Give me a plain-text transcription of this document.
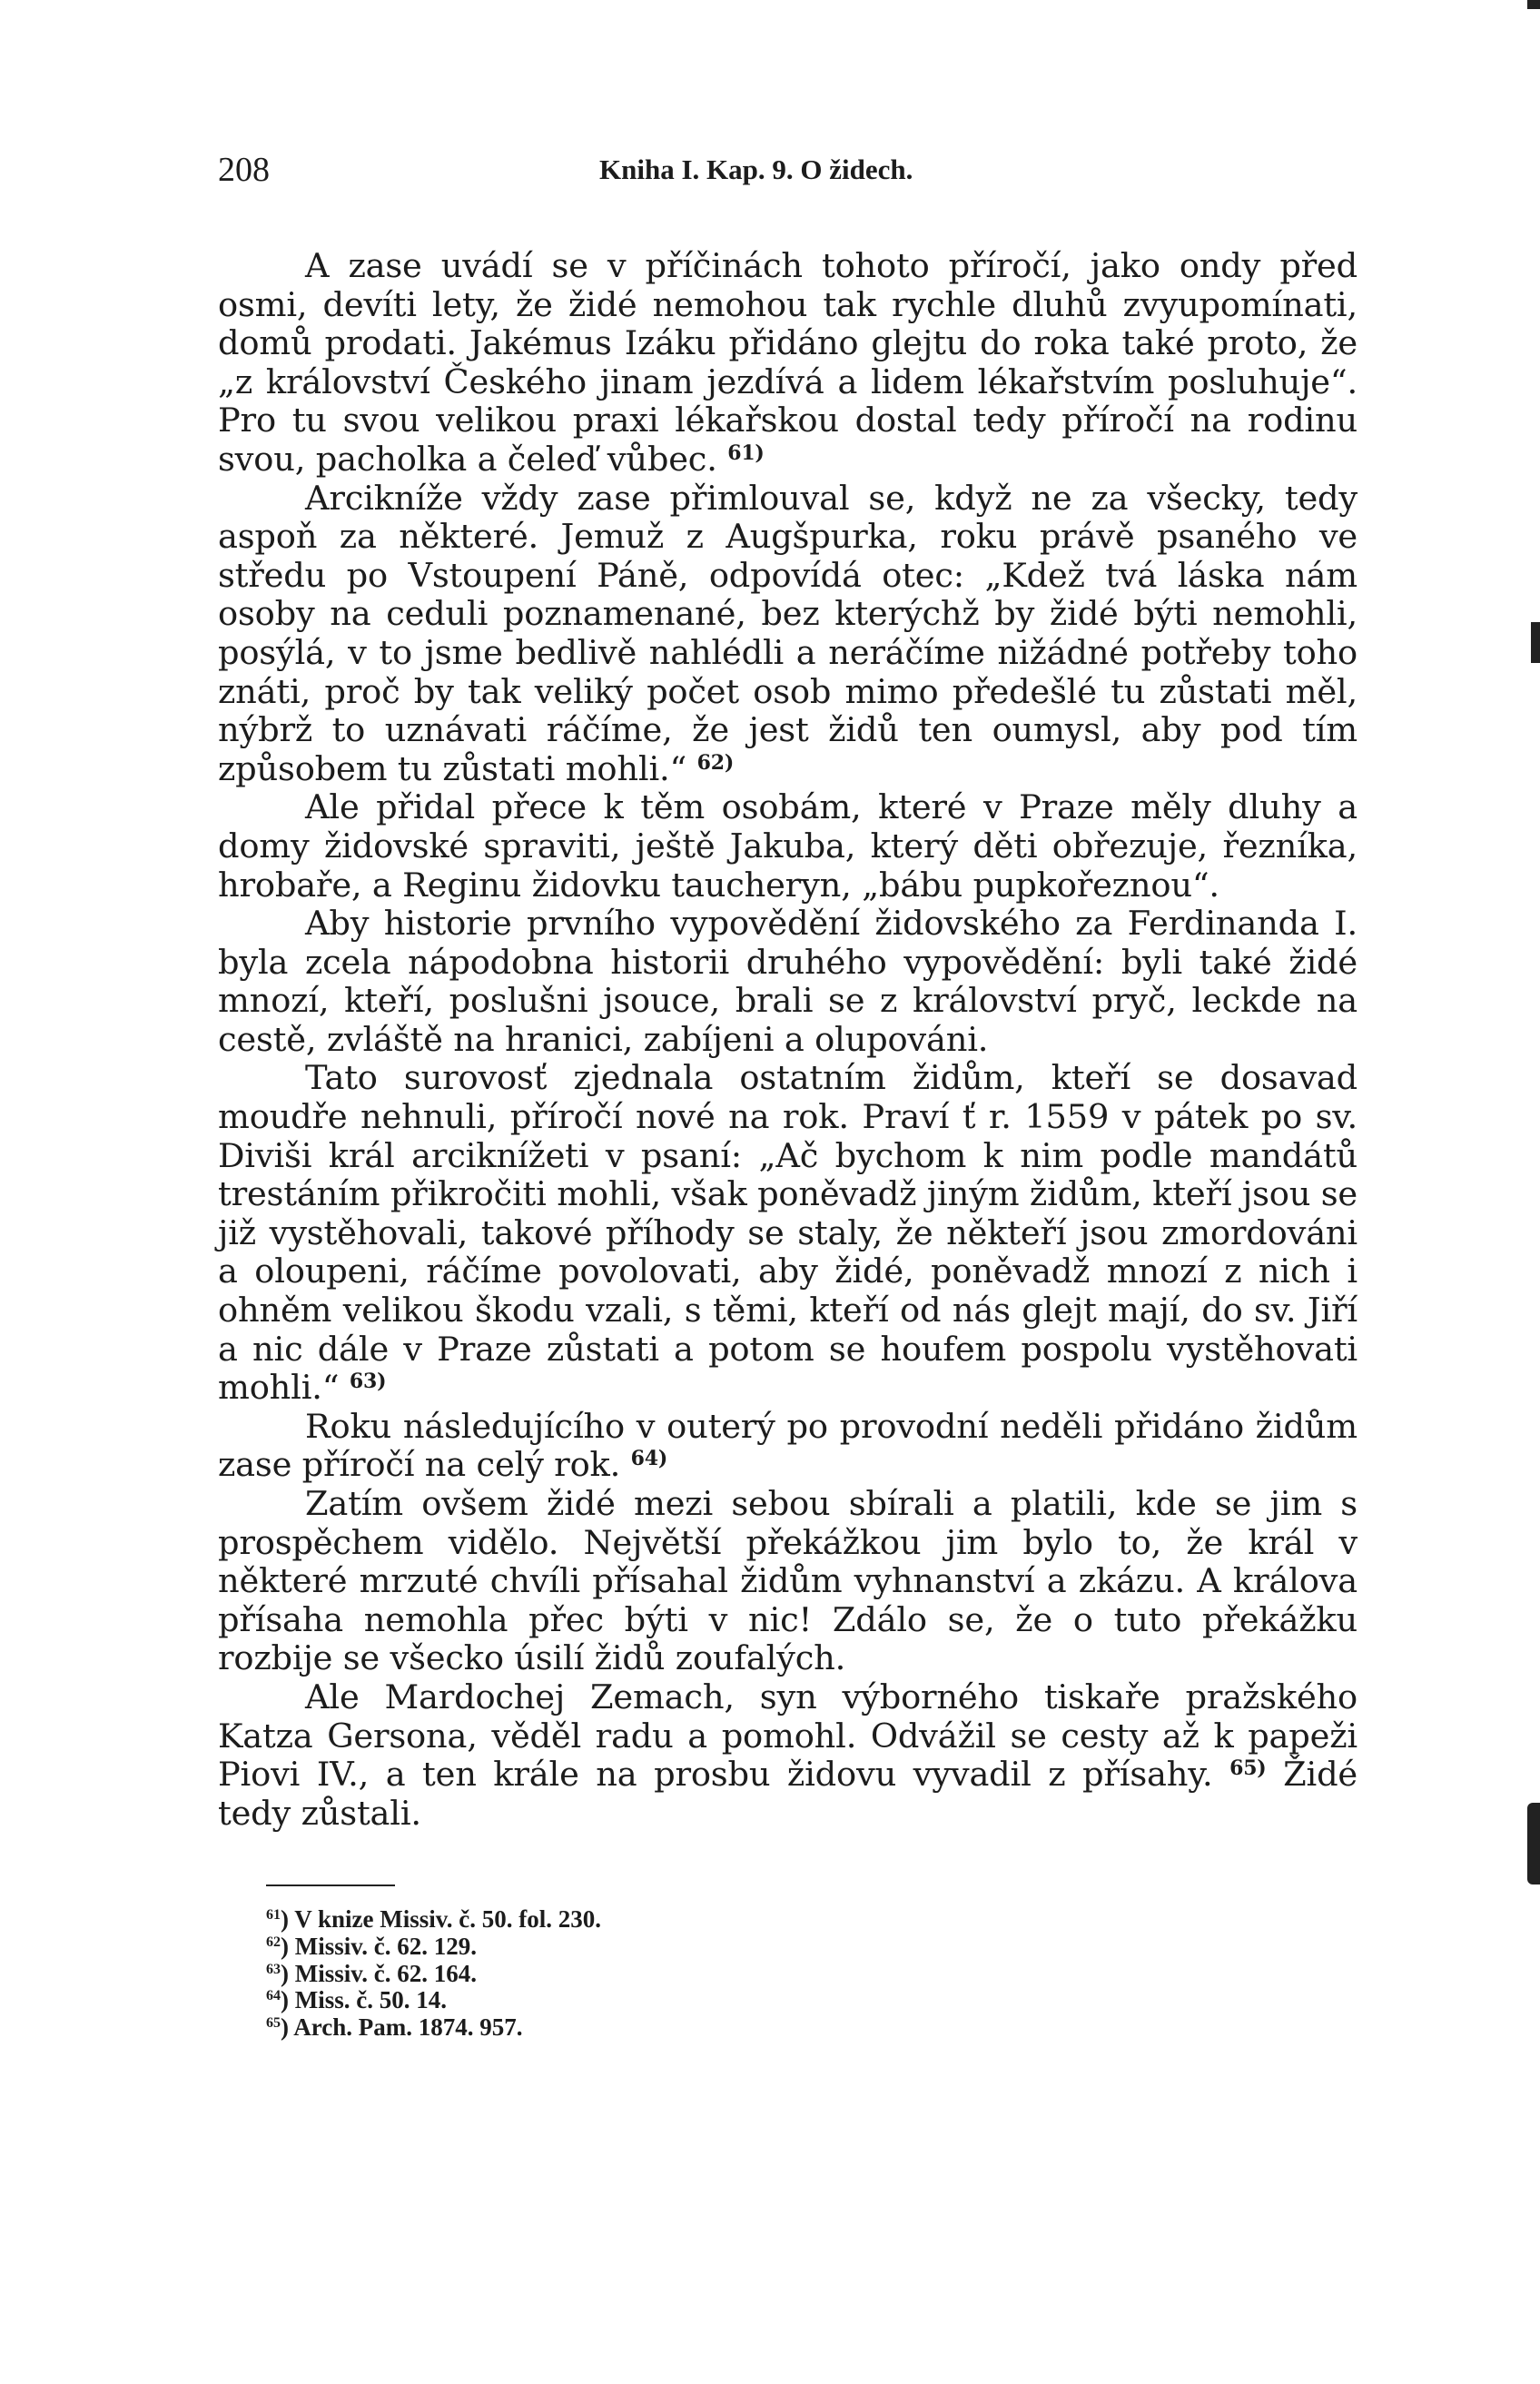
208	Kniha I. Kap. 9. O židech.

A zase uvádí se v příčinách tohoto příročí, jako ondy před osmi, devíti lety, že židé nemohou tak rychle dluhů zvyupomínati, domů prodati. Jakémus Izáku přidáno glejtu do roka také proto, že „z království Českého jinam jezdívá a lidem lékařstvím posluhuje“. Pro tu svou velikou praxi lékařskou dostal tedy příročí na rodinu svou, pacholka a čeleď vůbec. $^{61)}$

Arcikníže vždy zase přimlouval se, když ne za všecky, tedy aspoň za některé. Jemuž z Augšpurka, roku právě psaného ve středu po Vstoupení Páně, odpovídá otec: „Kdež tvá láska nám osoby na ceduli poznamenané, bez kterýchž by židé býti nemohli, posýlá, v to jsme bedlivě nahlédli a neráčíme nižádné potřeby toho znáti, proč by tak veliký počet osob mimo předešlé tu zůstati měl, nýbrž to uznávati ráčíme, že jest židů ten oumysl, aby pod tím způsobem tu zůstati mohli.“ $^{62)}$

Ale přidal přece k těm osobám, které v Praze měly dluhy a domy židovské spraviti, ještě Jakuba, který děti obřezuje, řezníka, hrobaře, a Reginu židovku taucheryn, „bábu pupkořeznou“.

Aby historie prvního vypovědění židovského za Ferdinanda I. byla zcela nápodobna historii druhého vypovědění: byli také židé mnozí, kteří, poslušni jsouce, brali se z království pryč, leckde na cestě, zvláště na hranici, zabíjeni a olupováni.

Tato surovosť zjednala ostatním židům, kteří se dosavad moudře nehnuli, příročí nové na rok. Praví ť r. 1559 v pátek po sv. Diviši král arciknížeti v psaní: „Ač bychom k nim podle mandátů trestáním přikročiti mohli, však poněvadž jiným židům, kteří jsou se již vystěhovali, takové příhody se staly, že někteří jsou zmordováni a oloupeni, ráčíme povolovati, aby židé, poněvadž mnozí z nich i ohněm velikou škodu vzali, s těmi, kteří od nás glejt mají, do sv. Jiří a nic dále v Praze zůstati a potom se houfem pospolu vystěhovati mohli.“ $^{63)}$

Roku následujícího v outerý po provodní neděli přidáno židům zase příročí na celý rok. $^{64)}$

Zatím ovšem židé mezi sebou sbírali a platili, kde se jim s prospěchem vidělo. Největší překážkou jim bylo to, že král v některé mrzuté chvíli přísahal židům vyhnanství a zkázu. A králova přísaha nemohla přec býti v nic! Zdálo se, že o tuto překážku rozbije se všecko úsilí židů zoufalých.

Ale Mardochej Zemach, syn výborného tiskaře pražského Katza Gersona, věděl radu a pomohl. Odvážil se cesty až k papeži Piovi IV., a ten krále na prosbu židovu vyvadil z přísahy. $^{65)}$ Židé tedy zůstali.

$^{61}$) V knize Missiv. č. 50. fol. 230.
$^{62}$) Missiv. č. 62. 129.
$^{63}$) Missiv. č. 62. 164.
$^{64}$) Miss. č. 50. 14.
$^{65}$) Arch. Pam. 1874. 957.
